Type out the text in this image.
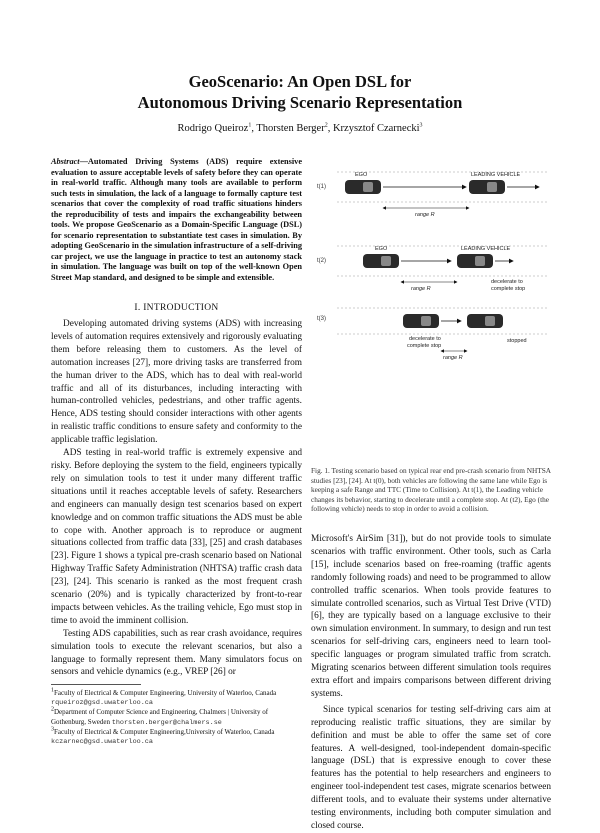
GeoScenario: An Open DSL for
Autonomous Driving Scenario Representation
Rodrigo Queiroz$^1$, Thorsten Berger$^2$, Krzysztof Czarnecki$^3$
Abstract—Automated Driving Systems (ADS) require extensive evaluation to assure acceptable levels of safety before they can operate in real-world traffic. Although many tools are available to perform such tests in simulation, the lack of a language to formally capture test scenarios that cover the complexity of road traffic situations hinders the reproducibility of tests and impairs the exchangeability between tools. We propose GeoScenario as a Domain-Specific Language (DSL) for scenario representation to substantiate test cases in simulation. By adopting GeoScenario in the simulation infrastructure of a self-driving car project, we use the language in practice to test an autonomy stack in simulation. The language was built on top of the well-known Open Street Map standard, and designed to be simple and extensible.
I. INTRODUCTION

Developing automated driving systems (ADS) with increasing levels of automation requires extensively and rigorously evaluating them before releasing them to customers. As the level of automation increases [27], more driving tasks are transferred from the human driver to the ADS, which has to deal with real-world traffic and all of its disturbances, including interacting with human-controlled vehicles, pedestrians, and other traffic agents. Hence, ADS testing should consider interactions with other agents in realistic traffic conditions to ensure safety and conformity to the applicable traffic legislation.

ADS testing in real-world traffic is extremely expensive and risky. Before deploying the system to the field, engineers typically rely on simulation tools to test it under many different traffic situations until it reaches acceptable levels of safety. Researchers and engineers can manually design test scenarios based on expert knowledge and on common traffic situations the ADS must be able to cope with. Another approach is to reproduce or augment situations collected from traffic data [33], [25] and crash databases [23]. Figure 1 shows a typical pre-crash scenario based on National Highway Traffic Safety Administration (NHTSA) traffic crash data [23], [24]. This scenario is ranked as the most frequent crash scenario (20%) and is typically characterized by front-to-rear impacts between vehicles. As the trailing vehicle, Ego must stop in time to avoid the imminent collision.

Testing ADS capabilities, such as rear crash avoidance, requires simulation tools to execute the relevant scenarios, but also a language to formally represent them. Many simulators focus on sensors and vehicle dynamics (e.g., VREP [26] or

$^1$Faculty of Electrical & Computer Engineering, University of Waterloo, Canada rqueiroz@gsd.uwaterloo.ca

$^2$Department of Computer Science and Engineering, Chalmers | University of Gothenburg, Sweden thorsten.berger@chalmers.se

$^3$Faculty of Electrical & Computer Engineering,University of Waterloo, Canada kczarnec@gsd.uwaterloo.ca

t(1)
EGO	LEADING VEHICLE
range R
t(2)
EGO	LEADING VEHICLE
decelerate to
complete stop
range R
t(3)
decelerate to
complete stop
stopped
range R
Fig. 1. Testing scenario based on typical rear end pre-crash scenario from NHTSA studies [23], [24]. At t(0), both vehicles are following the same lane while Ego is keeping a safe Range and TTC (Time to Collision). At t(1), the Leading vehicle changes its behavior, starting to decelerate until a complete stop. At (t2), Ego (the following vehicle) needs to stop in order to avoid a collision.

Microsoft's AirSim [31]), but do not provide tools to simulate scenarios with traffic environment. Other tools, such as Carla [15], include scenarios based on free-roaming (traffic agents randomly following roads) and need to be programmed to allow controlled traffic scenarios. When tools provide features to simulate controlled scenarios, such as Virtual Test Drive (VTD) [6], they are typically based on a language exclusive to their own simulation environment. In summary, to design and run test scenarios for self-driving cars, engineers need to learn tool-specific languages or program simulated traffic from scratch. Migrating scenarios between different simulation tools requires extra effort and impairs comparisons between different driving systems.

Since typical scenarios for testing self-driving cars aim at reproducing realistic traffic situations, they are similar by definition and must be able to offer the same set of core features. A well-designed, tool-independent domain-specific language (DSL) that is expressive enough to cover these features has the potential to help researchers and engineers to engineer tool-independent test cases, migrate scenarios between different tools, and to evaluate their systems under alternative testing environments, including both computer simulation and closed course.
